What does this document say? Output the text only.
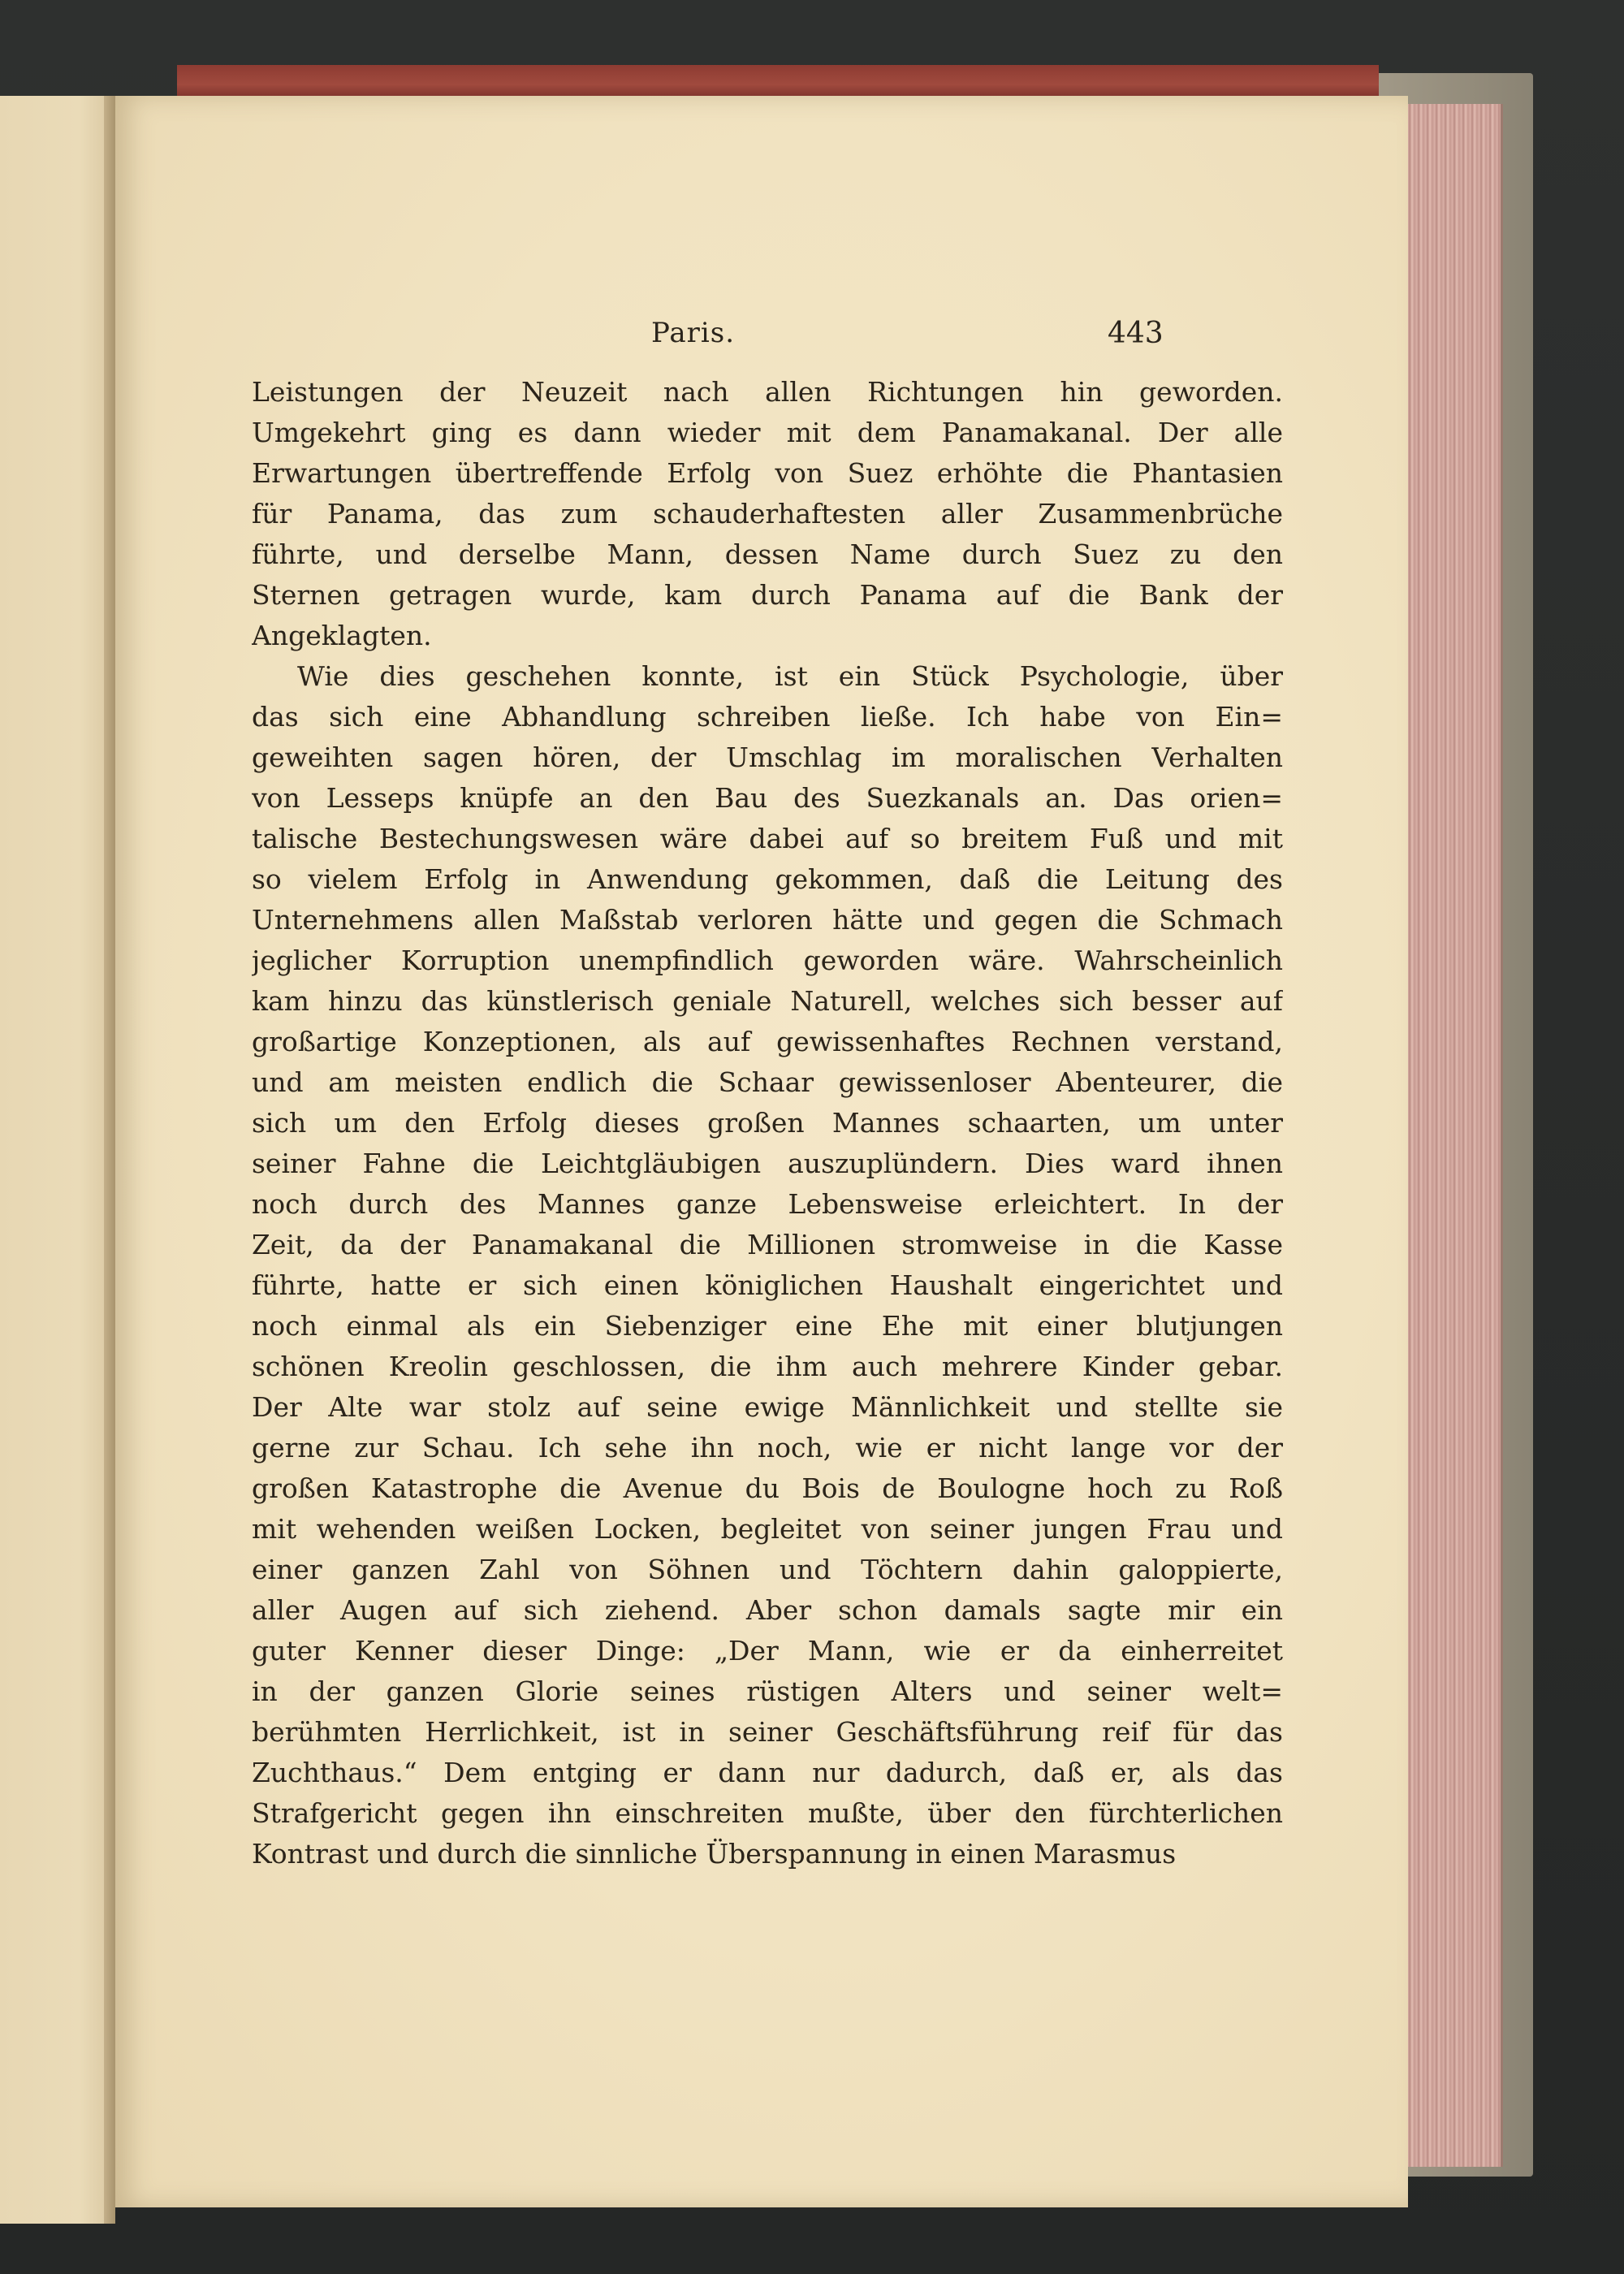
Paris.	443

Leistungen der Neuzeit nach allen Richtungen hin geworden.
Umgekehrt ging es dann wieder mit dem Panamakanal. Der alle
Erwartungen übertreffende Erfolg von Suez erhöhte die Phantasien
für Panama, das zum schauderhaftesten aller Zusammenbrüche
führte, und derselbe Mann, dessen Name durch Suez zu den
Sternen getragen wurde, kam durch Panama auf die Bank der
Angeklagten.

Wie dies geschehen konnte, ist ein Stück Psychologie, über
das sich eine Abhandlung schreiben ließe. Ich habe von Ein=
geweihten sagen hören, der Umschlag im moralischen Verhalten
von Lesseps knüpfe an den Bau des Suezkanals an. Das orien=
talische Bestechungswesen wäre dabei auf so breitem Fuß und mit
so vielem Erfolg in Anwendung gekommen, daß die Leitung des
Unternehmens allen Maßstab verloren hätte und gegen die Schmach
jeglicher Korruption unempfindlich geworden wäre. Wahrscheinlich
kam hinzu das künstlerisch geniale Naturell, welches sich besser auf
großartige Konzeptionen, als auf gewissenhaftes Rechnen verstand,
und am meisten endlich die Schaar gewissenloser Abenteurer, die
sich um den Erfolg dieses großen Mannes schaarten, um unter
seiner Fahne die Leichtgläubigen auszuplündern. Dies ward ihnen
noch durch des Mannes ganze Lebensweise erleichtert. In der
Zeit, da der Panamakanal die Millionen stromweise in die Kasse
führte, hatte er sich einen königlichen Haushalt eingerichtet und
noch einmal als ein Siebenziger eine Ehe mit einer blutjungen
schönen Kreolin geschlossen, die ihm auch mehrere Kinder gebar.
Der Alte war stolz auf seine ewige Männlichkeit und stellte sie
gerne zur Schau. Ich sehe ihn noch, wie er nicht lange vor der
großen Katastrophe die Avenue du Bois de Boulogne hoch zu Roß
mit wehenden weißen Locken, begleitet von seiner jungen Frau und
einer ganzen Zahl von Söhnen und Töchtern dahin galoppierte,
aller Augen auf sich ziehend. Aber schon damals sagte mir ein
guter Kenner dieser Dinge: „Der Mann, wie er da einherreitet
in der ganzen Glorie seines rüstigen Alters und seiner welt=
berühmten Herrlichkeit, ist in seiner Geschäftsführung reif für das
Zuchthaus.“ Dem entging er dann nur dadurch, daß er, als das
Strafgericht gegen ihn einschreiten mußte, über den fürchterlichen
Kontrast und durch die sinnliche Überspannung in einen Marasmus
